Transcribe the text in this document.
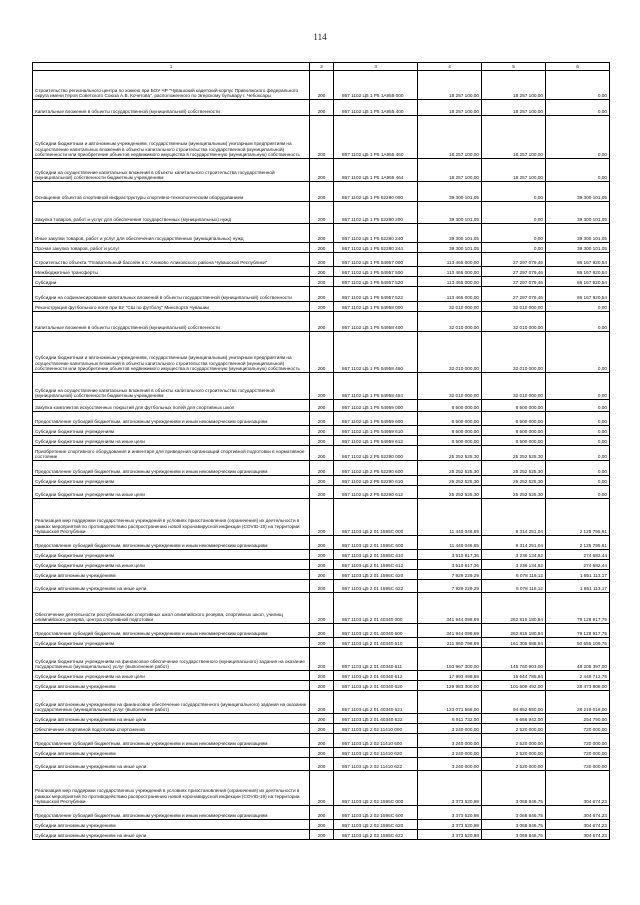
114
1	2	3	4	5	6
Строительство регионального центра по хоккею при БОУ ЧР "Чувашский кадетский корпус Приволжского федерального округа имени Героя Советского Союза А.В. Кочетова", расположенного по Эгерскому бульвару г. Чебоксары	200	867 1102 Ц5 1 Р5 1А955 000	18 257 100,00	18 257 100,00	0,00
Капитальные вложения в объекты государственной (муниципальной) собственности	200	867 1102 Ц5 1 Р5 1А955 400	18 257 100,00	18 257 100,00	0,00
Субсидии бюджетным и автономным учреждениям, государственным (муниципальным) унитарным предприятиям на осуществление капитальных вложений в объекты капитального строительства государственной (муниципальной) собственности или приобретение объектов недвижимого имущества в государственную (муниципальную) собственность	200	867 1102 Ц5 1 Р5 1А955 460	18 257 100,00	18 257 100,00	0,00
Субсидии на осуществление капитальных вложений в объекты капитального строительства государственной (муниципальной) собственности бюджетным учреждениям	200	867 1102 Ц5 1 Р5 1А955 464	18 257 100,00	18 257 100,00	0,00
Оснащение объектов спортивной инфраструктуры спортивно-технологическим оборудованием	200	867 1102 Ц5 1 Р5 52280 000	39 300 101,05	0,00	39 300 101,05
Закупка товаров, работ и услуг для обеспечения государственных (муниципальных) нужд	200	867 1102 Ц5 1 Р5 52280 200	39 300 101,05	0,00	39 300 101,05
Иные закупки товаров, работ и услуг для обеспечения государственных (муниципальных) нужд	200	867 1102 Ц5 1 Р5 52280 240	39 300 101,05	0,00	39 300 101,05
Прочая закупка товаров, работ и услуг	200	867 1102 Ц5 1 Р5 52280 244	39 300 101,05	0,00	39 300 101,05
Строительство объекта "Плавательный бассейн в с. Аликово Аликовского района Чувашской Республики"	200	867 1102 Ц5 1 Р5 54957 000	113 465 000,00	27 297 079,46	86 167 920,54
Межбюджетные трансферты	200	867 1102 Ц5 1 Р5 54957 500	113 465 000,00	27 297 079,46	86 167 920,54
Субсидии	200	867 1102 Ц5 1 Р5 54957 520	113 465 000,00	27 297 079,46	86 167 920,54
Субсидии на софинансирование капитальных вложений в объекты государственной (муниципальной) собственности	200	867 1102 Ц5 1 Р5 54957 522	113 465 000,00	27 297 079,46	86 167 920,54
Реконструкция футбольного поля при БУ "СШ по футболу" Минспорта Чувашии	200	867 1102 Ц5 1 Р5 54958 000	32 010 000,00	32 010 000,00	0,00
Капитальные вложения в объекты государственной (муниципальной) собственности	200	867 1102 Ц5 1 Р5 54958 400	32 010 000,00	32 010 000,00	0,00
Субсидии бюджетным и автономным учреждениям, государственным (муниципальным) унитарным предприятиям на осуществление капитальных вложений в объекты капитального строительства государственной (муниципальной) собственности или приобретение объектов недвижимого имущества в государственную (муниципальную) собственность	200	867 1102 Ц5 1 Р5 54958 460	32 010 000,00	32 010 000,00	0,00
Субсидии на осуществление капитальных вложений в объекты капитального строительства государственной (муниципальной) собственности бюджетным учреждениям	200	867 1102 Ц5 1 Р5 54958 464	32 010 000,00	32 010 000,00	0,00
Закупка комплектов искусственных покрытий для футбольных полей для спортивных школ	200	867 1102 Ц5 1 Р5 54959 000	8 500 000,00	8 500 000,00	0,00
Предоставление субсидий бюджетным, автономным учреждениям и иным некоммерческим организациям	200	867 1102 Ц5 1 Р5 54959 600	8 500 000,00	8 500 000,00	0,00
Субсидии бюджетным учреждениям	200	867 1102 Ц5 1 Р5 54959 610	8 500 000,00	8 500 000,00	0,00
Субсидии бюджетным учреждениям на иные цели	200	867 1102 Ц5 1 Р5 54959 612	8 500 000,00	8 500 000,00	0,00
Приобретение спортивного оборудования и инвентаря для приведения организаций спортивной подготовки в нормативное состояние	200	867 1102 Ц5 2 Р5 52290 000	25 252 525,30	25 252 525,30	0,00
Предоставление субсидий бюджетным, автономным учреждениям и иным некоммерческим организациям	200	867 1102 Ц5 2 Р5 52290 600	25 252 525,30	25 252 525,30	0,00
Субсидии бюджетным учреждениям	200	867 1102 Ц5 2 Р5 52290 610	25 252 525,30	25 252 525,30	0,00
Субсидии бюджетным учреждениям на иные цели	200	867 1102 Ц5 2 Р5 52290 612	25 252 525,30	25 252 525,30	0,00
Реализация мер поддержки государственных учреждений в условиях приостановления (ограничения) их деятельности в рамках мероприятий по противодействию распространению новой коронавирусной инфекции (COVID-19) на территории Чувашской Республики	200	867 1103 Ц5 2 01 1595С 000	11 440 046,65	9 314 251,04	2 125 795,61
Предоставление субсидий бюджетным, автономным учреждениям и иным некоммерческим организациям	200	867 1103 Ц5 2 01 1595С 600	11 440 046,65	9 314 251,04	2 125 795,61
Субсидии бюджетным учреждениям	200	867 1103 Ц5 2 01 1595С 610	3 510 817,36	3 236 134,92	274 682,44
Субсидии бюджетным учреждениям на иные цели	200	867 1103 Ц5 2 01 1595С 612	3 510 817,36	3 236 134,92	274 682,44
Субсидии автономным учреждениям	200	867 1103 Ц5 2 01 1595С 620	7 929 229,29	6 078 116,12	1 851 113,17
Субсидии автономным учреждениям на иные цели	200	867 1103 Ц5 2 01 1595С 622	7 929 229,29	6 078 116,12	1 851 113,17
Обеспечение деятельности республиканских спортивных школ олимпийского резерва, спортивных школ, училищ олимпийского резерва, центра спортивной подготовки	200	867 1103 Ц5 2 01 40340 000	341 944 098,69	262 815 180,94	79 128 917,75
Предоставление субсидий бюджетным, автономным учреждениям и иным некоммерческим организациям	200	867 1103 Ц5 2 01 40340 600	341 944 098,69	262 815 180,94	79 128 917,75
Субсидии бюджетным учреждениям	200	867 1103 Ц5 2 01 40340 610	211 960 798,69	161 305 688,94	50 655 109,75
Субсидии бюджетным учреждениям на финансовое обеспечение государственного (муниципального) задания на оказание государственных (муниципальных) услуг (выполнение работ)	200	867 1103 Ц5 2 01 40340 611	193 967 300,00	145 760 903,00	48 206 397,00
Субсидии бюджетным учреждениям на иные цели	200	867 1103 Ц5 2 01 40340 612	17 993 498,69	15 544 785,94	2 448 712,75
Субсидии автономным учреждениям	200	867 1103 Ц5 2 01 40340 620	129 983 300,00	101 509 492,00	28 473 808,00
Субсидии автономным учреждениям на финансовое обеспечение государственного (муниципального) задания на оказание государственных (муниципальных) услуг (выполнение работ)	200	867 1103 Ц5 2 01 40340 621	123 071 568,00	94 852 550,00	28 219 018,00
Субсидии автономным учреждениям на иные цели	200	867 1103 Ц5 2 01 40340 622	6 911 732,00	6 656 942,00	254 790,00
Обеспечение спортивной подготовки спортсменов	200	867 1103 Ц5 2 02 11410 000	3 240 000,00	2 520 000,00	720 000,00
Предоставление субсидий бюджетным, автономным учреждениям и иным некоммерческим организациям	200	867 1103 Ц5 2 02 11410 600	3 240 000,00	2 520 000,00	720 000,00
Субсидии автономным учреждениям	200	867 1103 Ц5 2 02 11410 620	3 240 000,00	2 520 000,00	720 000,00
Субсидии автономным учреждениям на иные цели	200	867 1103 Ц5 2 02 11410 622	3 240 000,00	2 520 000,00	720 000,00
Реализация мер поддержки государственных учреждений в условиях приостановления (ограничения) их деятельности в рамках мероприятий по противодействию распространению новой коронавирусной инфекции (COVID-19) на территории Чувашской Республики	200	867 1103 Ц5 2 02 1595С 000	3 373 520,98	3 068 846,75	304 674,23
Предоставление субсидий бюджетным, автономным учреждениям и иным некоммерческим организациям	200	867 1103 Ц5 2 02 1595С 600	3 373 520,98	3 068 846,75	304 674,23
Субсидии автономным учреждениям	200	867 1103 Ц5 2 02 1595С 620	3 373 520,98	3 068 846,75	304 674,23
Субсидии автономным учреждениям на иные цели	200	867 1103 Ц5 2 02 1595С 622	3 373 520,98	3 068 846,75	304 674,23
